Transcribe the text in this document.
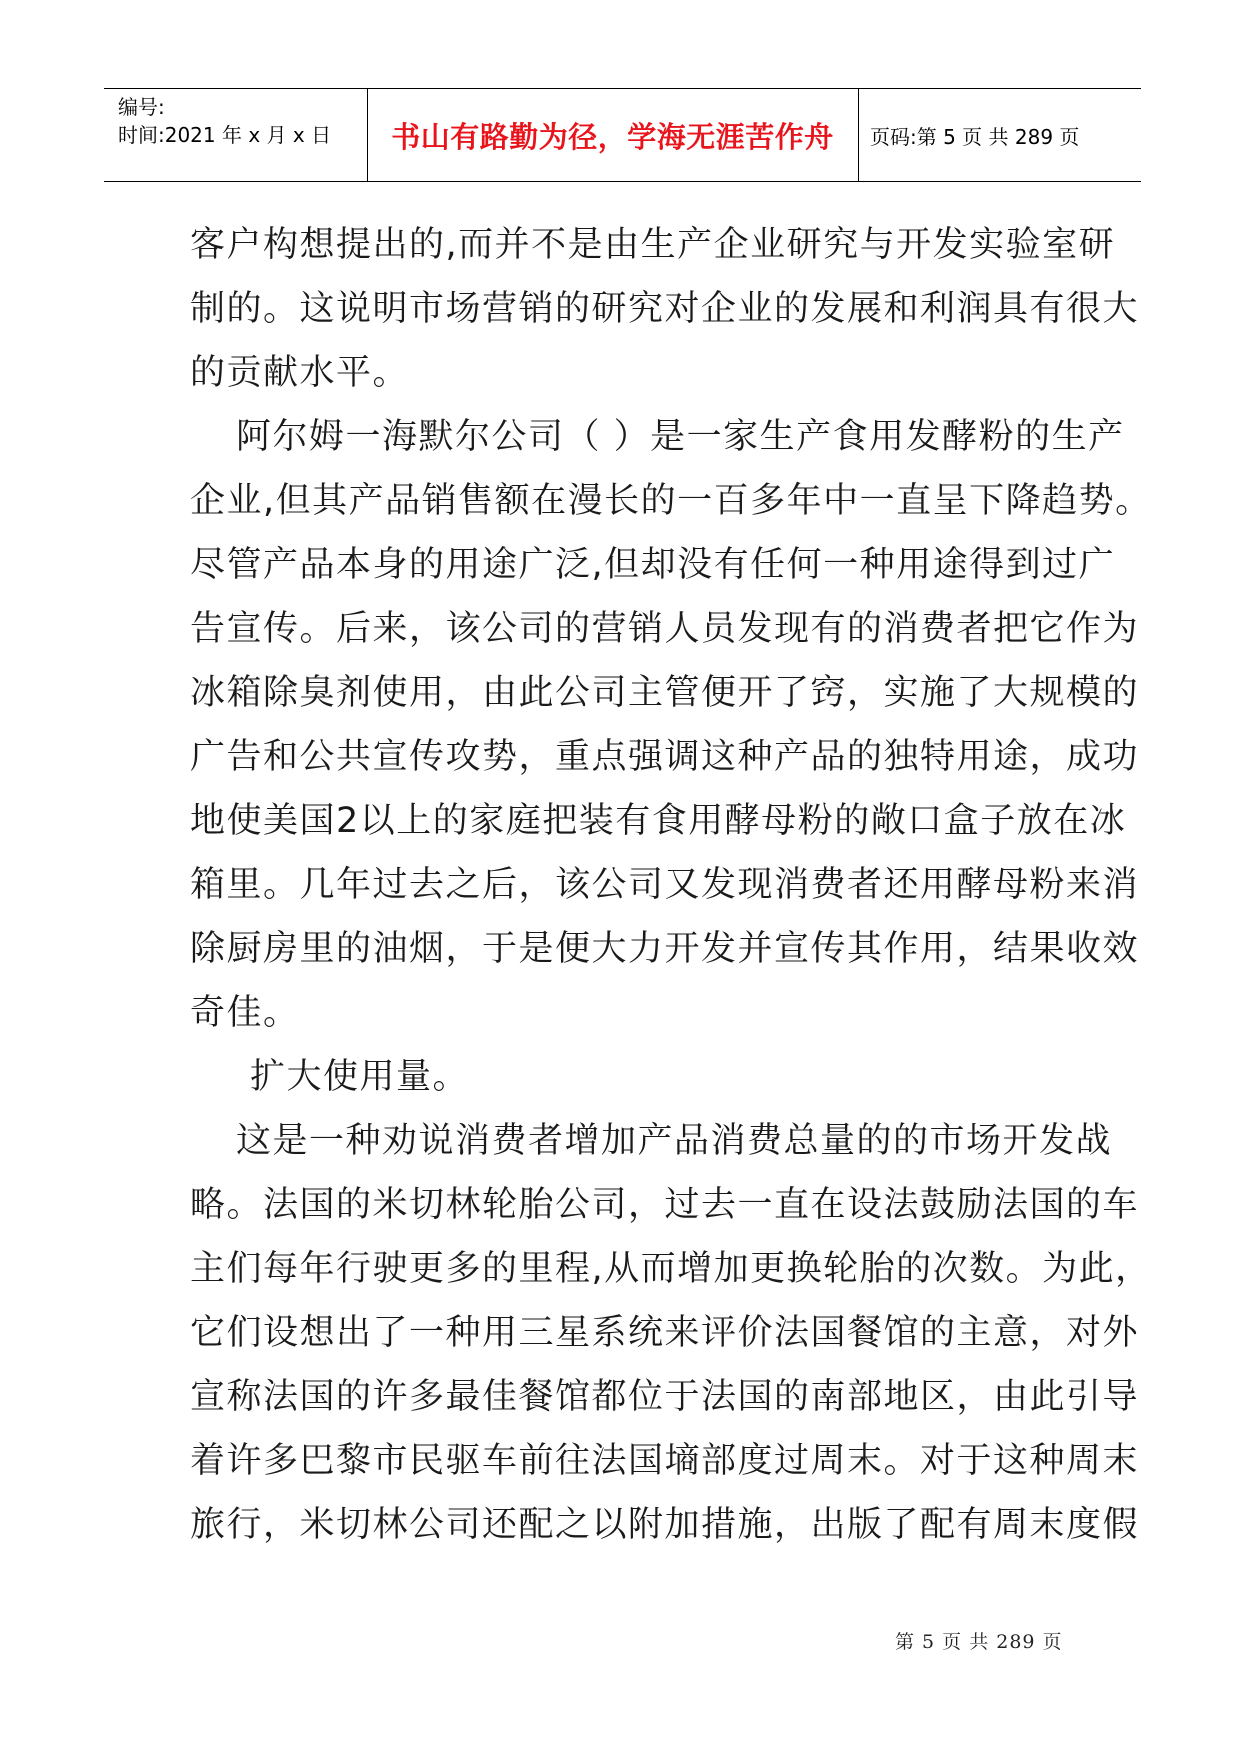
编号:
时间:2021 年 x 月 x 日	书山有路勤为径，学海无涯苦作舟	页码:第 5 页 共 289 页
客户构想提出的,而并不是由生产企业研究与开发实验室研
制的。这说明市场营销的研究对企业的发展和利润具有很大
的贡献水平。
阿尔姆一海默尔公司（ ）是一家生产食用发酵粉的生产
企业,但其产品销售额在漫长的一百多年中一直呈下降趋势。
尽管产品本身的用途广泛,但却没有任何一种用途得到过广
告宣传。后来，该公司的营销人员发现有的消费者把它作为
冰箱除臭剂使用，由此公司主管便开了窍，实施了大规模的
广告和公共宣传攻势，重点强调这种产品的独特用途，成功
地使美国2以上的家庭把装有食用酵母粉的敞口盒子放在冰
箱里。几年过去之后，该公司又发现消费者还用酵母粉来消
除厨房里的油烟，于是便大力开发并宣传其作用，结果收效
奇佳。
扩大使用量。
这是一种劝说消费者增加产品消费总量的的市场开发战
略。法国的米切林轮胎公司，过去一直在设法鼓励法国的车
主们每年行驶更多的里程,从而增加更换轮胎的次数。为此，
它们设想出了一种用三星系统来评价法国餐馆的主意，对外
宣称法国的许多最佳餐馆都位于法国的南部地区，由此引导
着许多巴黎市民驱车前往法国墒部度过周末。对于这种周末
旅行，米切林公司还配之以附加措施，出版了配有周末度假
第 5 页 共 289 页
